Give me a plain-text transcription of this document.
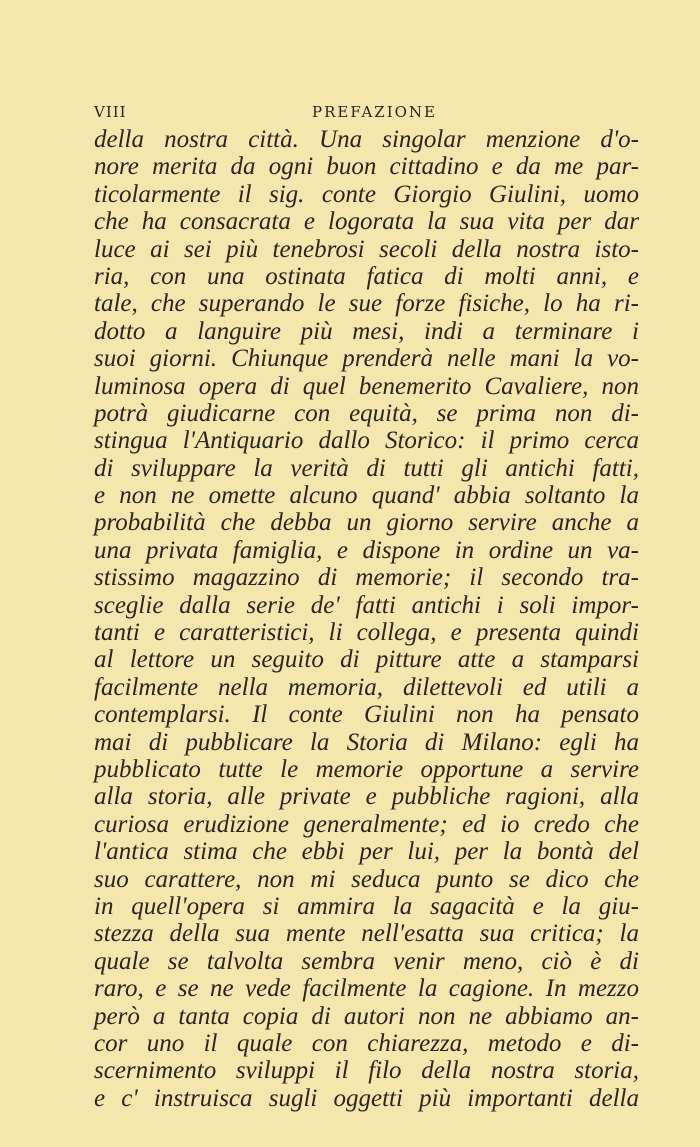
VIII	PREFAZIONE
della nostra città. Una singolar menzione d'o-
nore merita da ogni buon cittadino e da me par-
ticolarmente il sig. conte Giorgio Giulini, uomo
che ha consacrata e logorata la sua vita per dar
luce ai sei più tenebrosi secoli della nostra isto-
ria, con una ostinata fatica di molti anni, e
tale, che superando le sue forze fisiche, lo ha ri-
dotto a languire più mesi, indi a terminare i
suoi giorni. Chiunque prenderà nelle mani la vo-
luminosa opera di quel benemerito Cavaliere, non
potrà giudicarne con equità, se prima non di-
stingua l'Antiquario dallo Storico: il primo cerca
di sviluppare la verità di tutti gli antichi fatti,
e non ne omette alcuno quand' abbia soltanto la
probabilità che debba un giorno servire anche a
una privata famiglia, e dispone in ordine un va-
stissimo magazzino di memorie; il secondo tra-
sceglie dalla serie de' fatti antichi i soli impor-
tanti e caratteristici, li collega, e presenta quindi
al lettore un seguito di pitture atte a stamparsi
facilmente nella memoria, dilettevoli ed utili a
contemplarsi. Il conte Giulini non ha pensato
mai di pubblicare la Storia di Milano: egli ha
pubblicato tutte le memorie opportune a servire
alla storia, alle private e pubbliche ragioni, alla
curiosa erudizione generalmente; ed io credo che
l'antica stima che ebbi per lui, per la bontà del
suo carattere, non mi seduca punto se dico che
in quell'opera si ammira la sagacità e la giu-
stezza della sua mente nell'esatta sua critica; la
quale se talvolta sembra venir meno, ciò è di
raro, e se ne vede facilmente la cagione. In mezzo
però a tanta copia di autori non ne abbiamo an-
cor uno il quale con chiarezza, metodo e di-
scernimento sviluppi il filo della nostra storia,
e c' instruisca sugli oggetti più importanti della
